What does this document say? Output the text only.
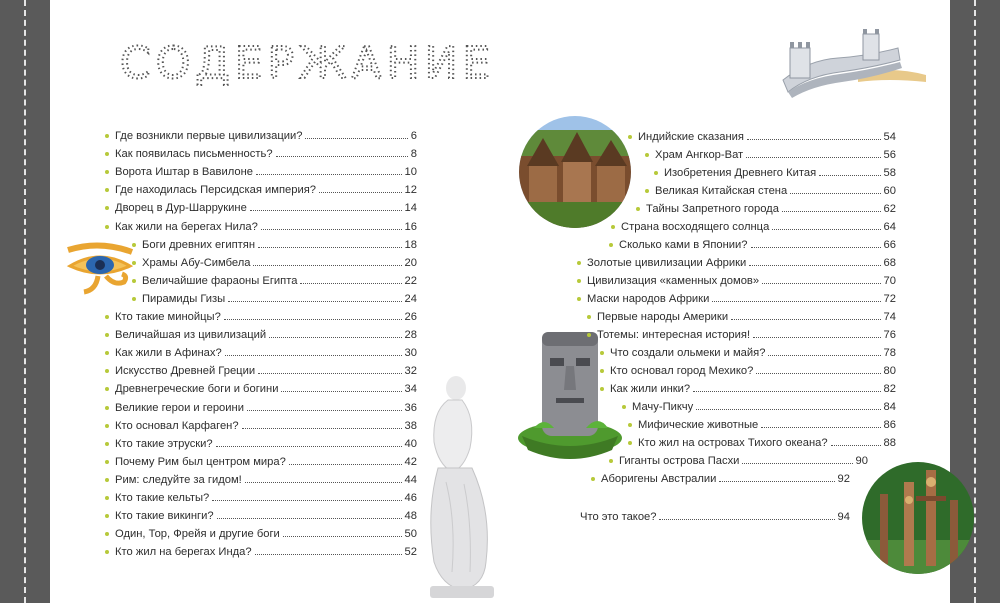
СОДЕРЖАНИЕ
Где возникли первые цивилизации?	6
Как появилась письменность?	8
Ворота Иштар в Вавилоне	10
Где находилась Персидская империя?	12
Дворец в Дур-Шаррукине	14
Как жили на берегах Нила?	16
Боги древних египтян	18
Храмы Абу-Симбела	20
Величайшие фараоны Египта	22
Пирамиды Гизы	24
Кто такие минойцы?	26
Величайшая из цивилизаций	28
Как жили в Афинах?	30
Искусство Древней Греции	32
Древнегреческие боги и богини	34
Великие герои и героини	36
Кто основал Карфаген?	38
Кто такие этруски?	40
Почему Рим был центром мира?	42
Рим: следуйте за гидом!	44
Кто такие кельты?	46
Кто такие викинги?	48
Один, Тор, Фрейя и другие боги	50
Кто жил на берегах Инда?	52
Индийские сказания	54
Храм Ангкор-Ват	56
Изобретения Древнего Китая	58
Великая Китайская стена	60
Тайны Запретного города	62
Страна восходящего солнца	64
Сколько ками в Японии?	66
Золотые цивилизации Африки	68
Цивилизация «каменных домов»	70
Маски народов Африки	72
Первые народы Америки	74
Тотемы: интересная история!	76
Что создали ольмеки и майя?	78
Кто основал город Мехико?	80
Как жили инки?	82
Мачу-Пикчу	84
Мифические животные	86
Кто жил на островах Тихого океана?	88
Гиганты острова Пасхи	90
Аборигены Австралии	92
Что это такое?	94
